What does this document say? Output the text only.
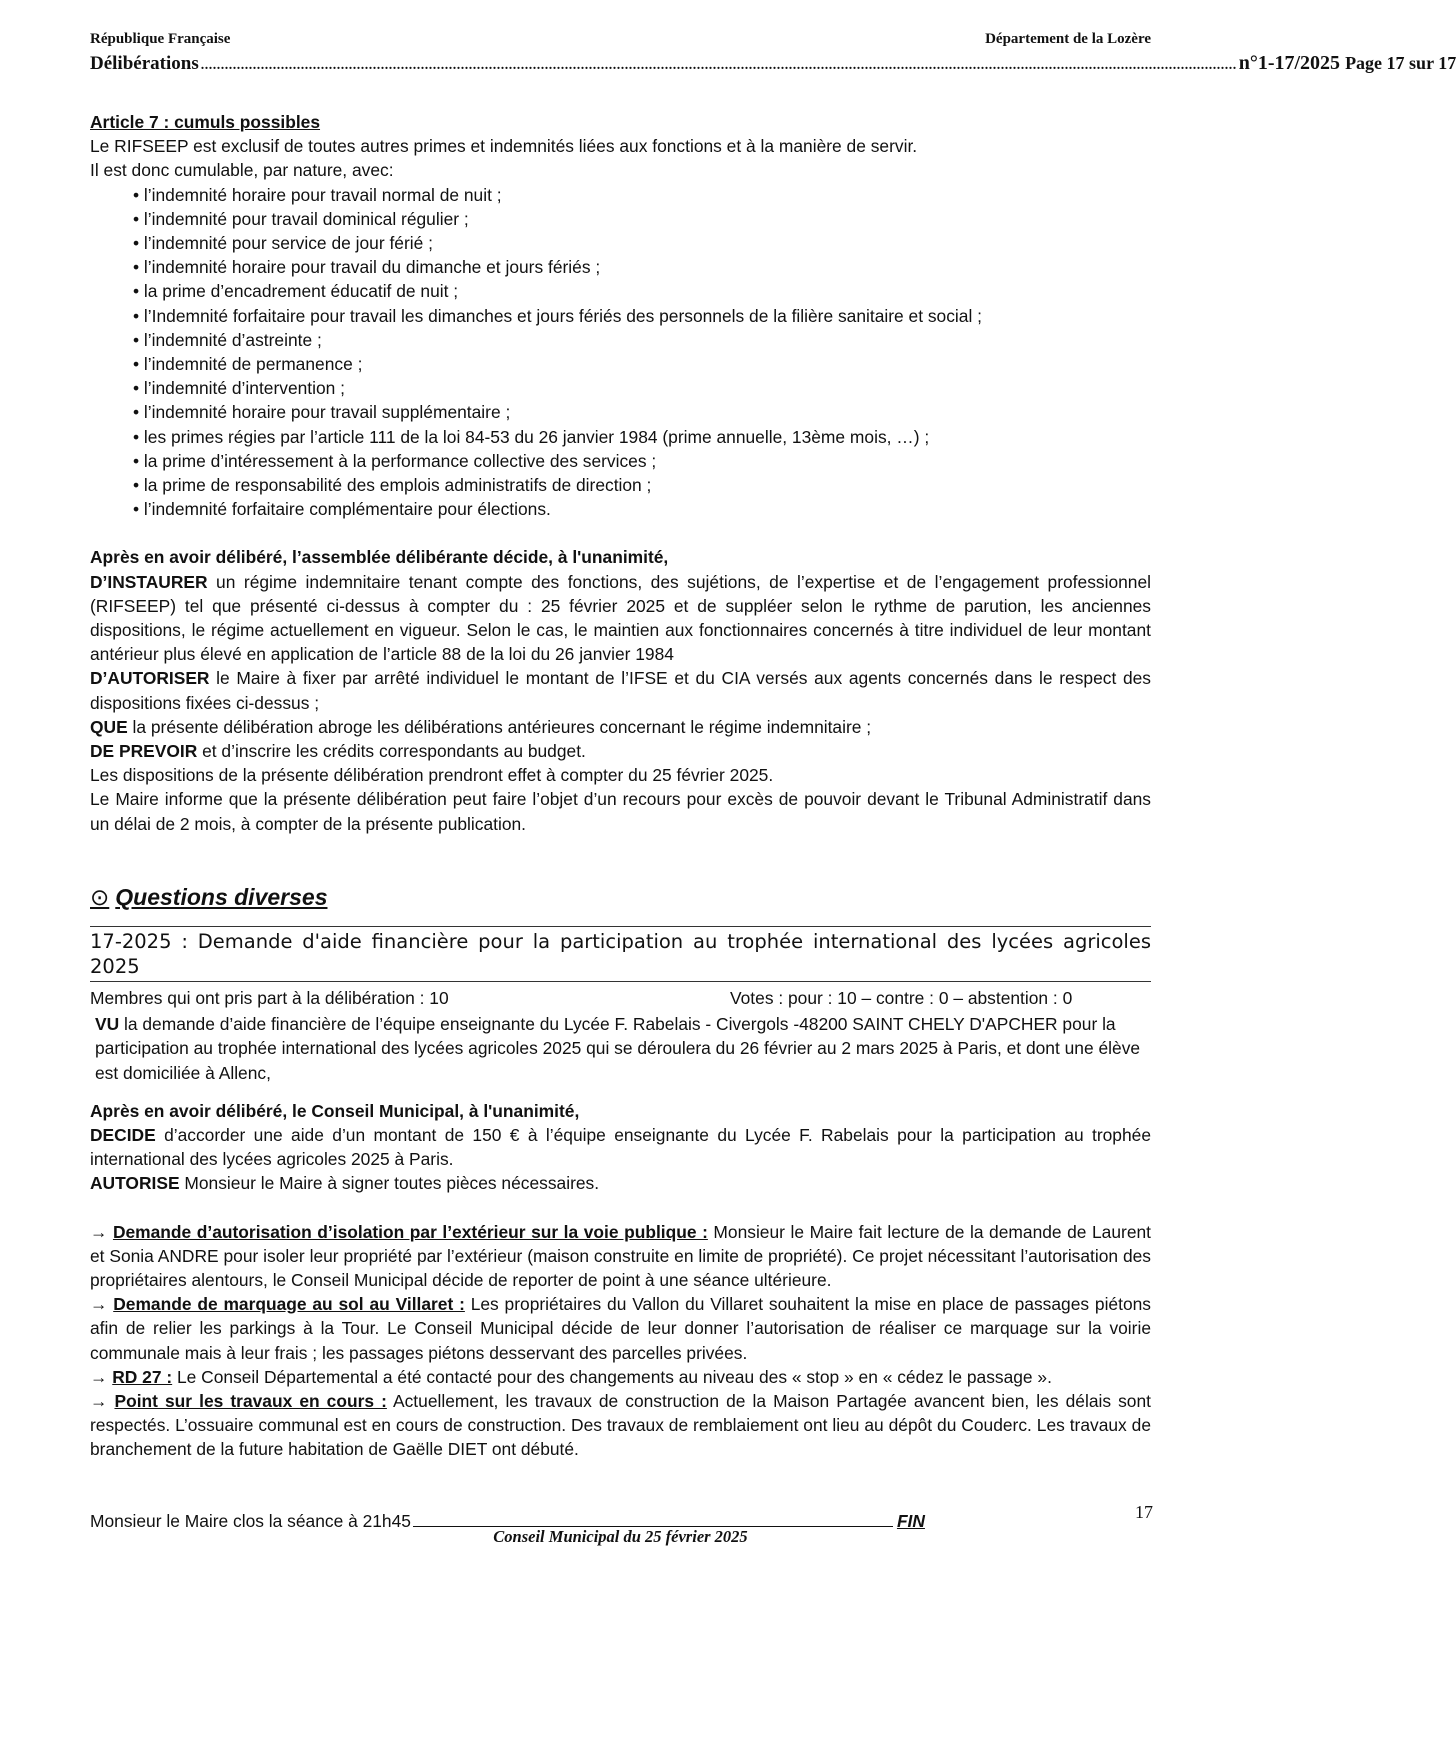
République Française	Département de la Lozère
Délibérations ................................................................................................................................................................................................................................................................... n°1-17/2025 Page 17 sur 17

Article 7 : cumuls possibles

Le RIFSEEP est exclusif de toutes autres primes et indemnités liées aux fonctions et à la manière de servir.

Il est donc cumulable, par nature, avec:

• l’indemnité horaire pour travail normal de nuit ;
• l’indemnité pour travail dominical régulier ;
• l’indemnité pour service de jour férié ;
• l’indemnité horaire pour travail du dimanche et jours fériés ;
• la prime d’encadrement éducatif de nuit ;
• l’Indemnité forfaitaire pour travail les dimanches et jours fériés des personnels de la filière sanitaire et social ;
• l’indemnité d’astreinte ;
• l’indemnité de permanence ;
• l’indemnité d’intervention ;
• l’indemnité horaire pour travail supplémentaire ;
• les primes régies par l’article 111 de la loi 84-53 du 26 janvier 1984 (prime annuelle, 13ème mois, …) ;
• la prime d’intéressement à la performance collective des services ;
• la prime de responsabilité des emplois administratifs de direction ;
• l’indemnité forfaitaire complémentaire pour élections.

Après en avoir délibéré, l’assemblée délibérante décide, à l'unanimité,

D’INSTAURER un régime indemnitaire tenant compte des fonctions, des sujétions, de l’expertise et de l’engagement professionnel (RIFSEEP) tel que présenté ci-dessus à compter du : 25 février 2025 et de suppléer selon le rythme de parution, les anciennes dispositions, le régime actuellement en vigueur. Selon le cas, le maintien aux fonctionnaires concernés à titre individuel de leur montant antérieur plus élevé en application de l’article 88 de la loi du 26 janvier 1984

D’AUTORISER le Maire à fixer par arrêté individuel le montant de l’IFSE et du CIA versés aux agents concernés dans le respect des dispositions fixées ci-dessus ;

QUE la présente délibération abroge les délibérations antérieures concernant le régime indemnitaire ;

DE PREVOIR et d’inscrire les crédits correspondants au budget.

Les dispositions de la présente délibération prendront effet à compter du 25 février 2025.

Le Maire informe que la présente délibération peut faire l’objet d’un recours pour excès de pouvoir devant le Tribunal Administratif dans un délai de 2 mois, à compter de la présente publication.

⊙ Questions diverses

17-2025 : Demande d'aide financière pour la participation au trophée international des lycées agricoles 2025

Membres qui ont pris part à la délibération : 10	Votes : pour : 10 – contre : 0 – abstention : 0

VU la demande d’aide financière de l’équipe enseignante du Lycée F. Rabelais - Civergols -48200 SAINT CHELY D'APCHER pour la participation au trophée international des lycées agricoles 2025 qui se déroulera du 26 février au 2 mars 2025 à Paris, et dont une élève est domiciliée à Allenc,

Après en avoir délibéré, le Conseil Municipal, à l'unanimité,

DECIDE d’accorder une aide d’un montant de 150 € à l’équipe enseignante du Lycée F. Rabelais pour la participation au trophée international des lycées agricoles 2025 à Paris.

AUTORISE Monsieur le Maire à signer toutes pièces nécessaires.

→ Demande d’autorisation d’isolation par l’extérieur sur la voie publique : Monsieur le Maire fait lecture de la demande de Laurent et Sonia ANDRE pour isoler leur propriété par l’extérieur (maison construite en limite de propriété). Ce projet nécessitant l’autorisation des propriétaires alentours, le Conseil Municipal décide de reporter de point à une séance ultérieure.

→ Demande de marquage au sol au Villaret : Les propriétaires du Vallon du Villaret souhaitent la mise en place de passages piétons afin de relier les parkings à la Tour. Le Conseil Municipal décide de leur donner l’autorisation de réaliser ce marquage sur la voirie communale mais à leur frais ; les passages piétons desservant des parcelles privées.

→ RD 27 : Le Conseil Départemental a été contacté pour des changements au niveau des « stop » en « cédez le passage ».

→ Point sur les travaux en cours : Actuellement, les travaux de construction de la Maison Partagée avancent bien, les délais sont respectés. L’ossuaire communal est en cours de construction. Des travaux de remblaiement ont lieu au dépôt du Couderc. Les travaux de branchement de la future habitation de Gaëlle DIET ont débuté.

Monsieur le Maire clos la séance à 21h45	FIN	17
Conseil Municipal du 25 février 2025
